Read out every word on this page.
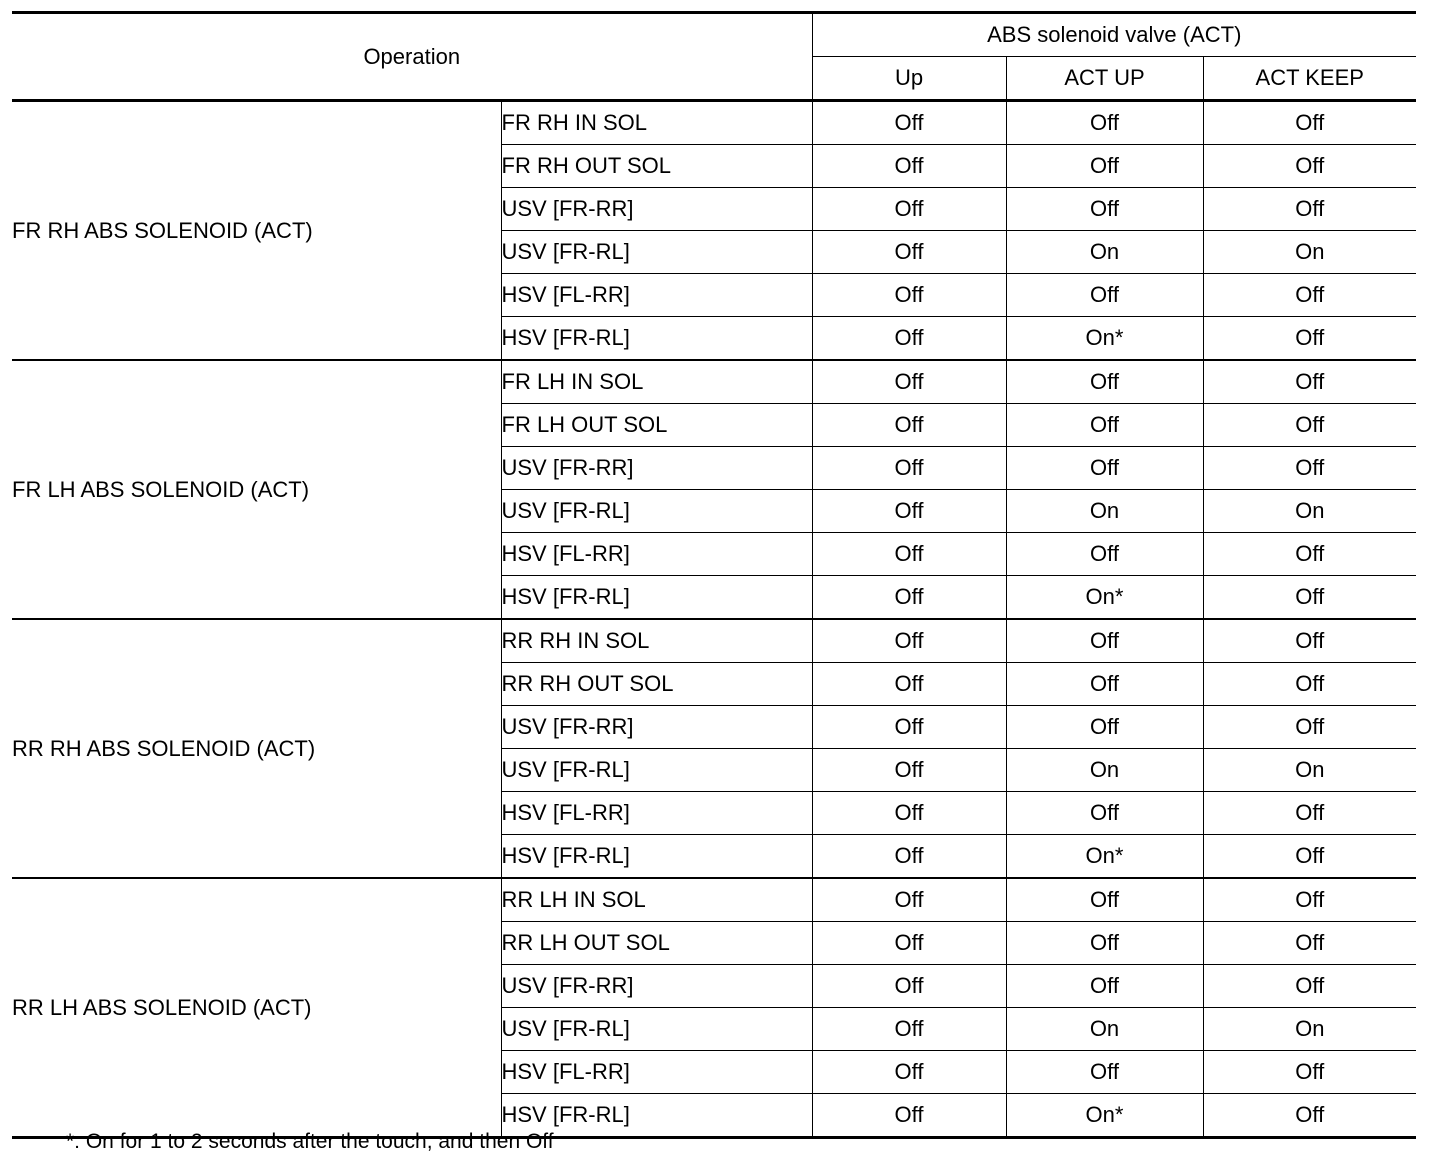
Operation		ABS solenoid valve (ACT)		
		Up	ACT UP	ACT KEEP
FR RH ABS SOLENOID (ACT)	FR RH IN SOL	Off	Off	Off
	FR RH OUT SOL	Off	Off	Off
	USV [FR-RR]	Off	Off	Off
	USV [FR-RL]	Off	On	On
	HSV [FL-RR]	Off	Off	Off
	HSV [FR-RL]	Off	On*	Off
FR LH ABS SOLENOID (ACT)	FR LH IN SOL	Off	Off	Off
	FR LH OUT SOL	Off	Off	Off
	USV [FR-RR]	Off	Off	Off
	USV [FR-RL]	Off	On	On
	HSV [FL-RR]	Off	Off	Off
	HSV [FR-RL]	Off	On*	Off
RR RH ABS SOLENOID (ACT)	RR RH IN SOL	Off	Off	Off
	RR RH OUT SOL	Off	Off	Off
	USV [FR-RR]	Off	Off	Off
	USV [FR-RL]	Off	On	On
	HSV [FL-RR]	Off	Off	Off
	HSV [FR-RL]	Off	On*	Off
RR LH ABS SOLENOID (ACT)	RR LH IN SOL	Off	Off	Off
	RR LH OUT SOL	Off	Off	Off
	USV [FR-RR]	Off	Off	Off
	USV [FR-RL]	Off	On	On
	HSV [FL-RR]	Off	Off	Off
	HSV [FR-RL]	Off	On*	Off
*: On for 1 to 2 seconds after the touch, and then Off
